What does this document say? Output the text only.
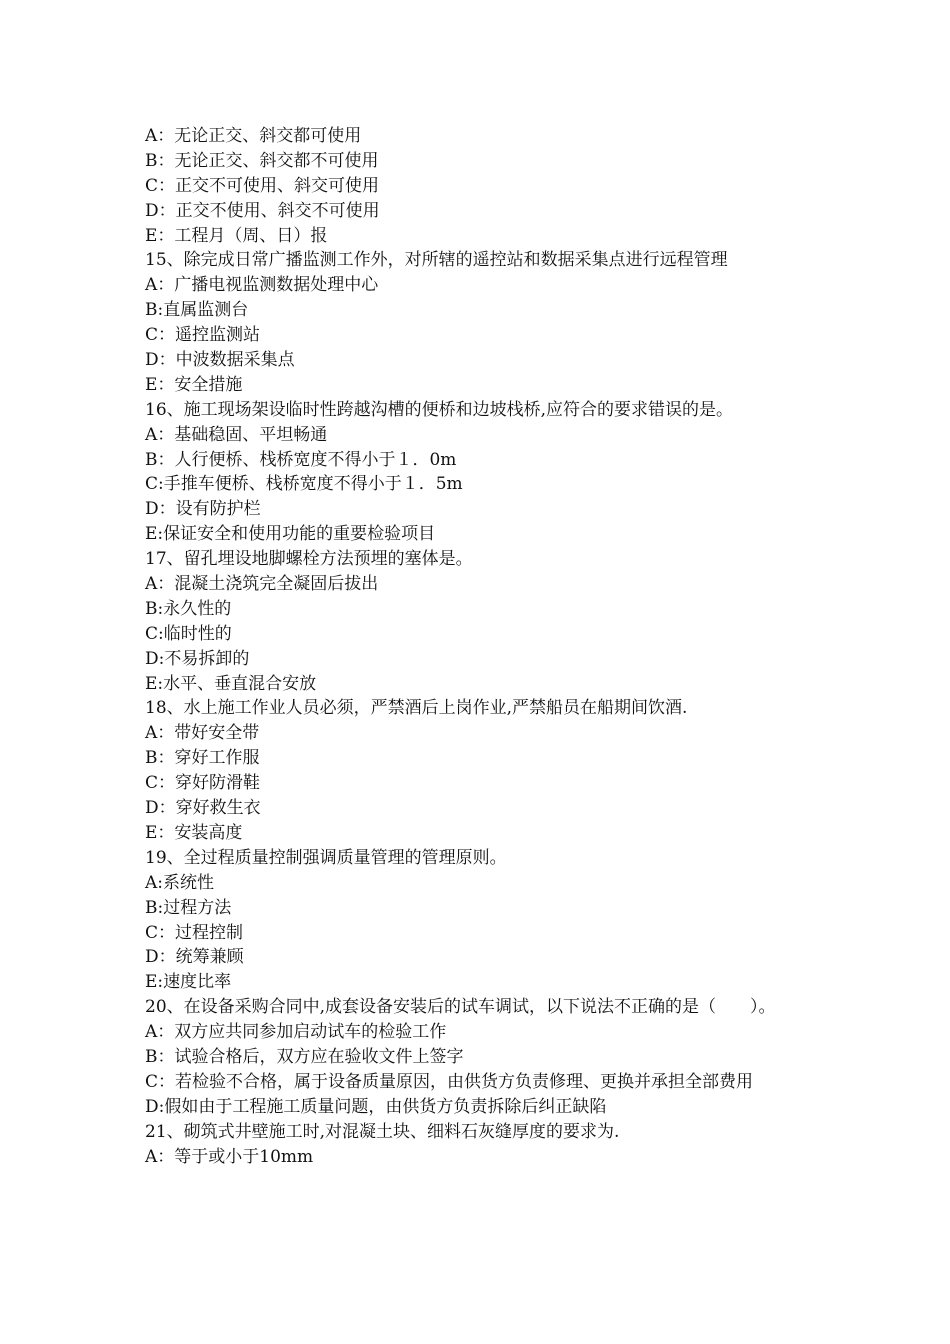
A：无论正交、斜交都可使用
B：无论正交、斜交都不可使用
C：正交不可使用、斜交可使用
D：正交不使用、斜交不可使用
E：工程月（周、日）报
15、除完成日常广播监测工作外，对所辖的遥控站和数据采集点进行远程管理
A：广播电视监测数据处理中心
B:直属监测台
C：遥控监测站
D：中波数据采集点
E：安全措施
16、施工现场架设临时性跨越沟槽的便桥和边坡栈桥,应符合的要求错误的是。
A：基础稳固、平坦畅通
B：人行便桥、栈桥宽度不得小于１．0m
C:手推车便桥、栈桥宽度不得小于１．5m
D：设有防护栏
E:保证安全和使用功能的重要检验项目
17、留孔埋设地脚螺栓方法预埋的塞体是。
A：混凝土浇筑完全凝固后拔出
B:永久性的
C:临时性的
D:不易拆卸的
E:水平、垂直混合安放
18、水上施工作业人员必须，严禁酒后上岗作业,严禁船员在船期间饮酒.
A：带好安全带
B：穿好工作服
C：穿好防滑鞋
D：穿好救生衣
E：安装高度
19、全过程质量控制强调质量管理的管理原则。
A:系统性
B:过程方法
C：过程控制
D：统筹兼顾
E:速度比率
20、在设备采购合同中,成套设备安装后的试车调试，以下说法不正确的是（　　）。
A：双方应共同参加启动试车的检验工作
B：试验合格后，双方应在验收文件上签字
C：若检验不合格，属于设备质量原因，由供货方负责修理、更换并承担全部费用
D:假如由于工程施工质量问题，由供货方负责拆除后纠正缺陷
21、砌筑式井壁施工时,对混凝土块、细料石灰缝厚度的要求为.
A：等于或小于10mm
